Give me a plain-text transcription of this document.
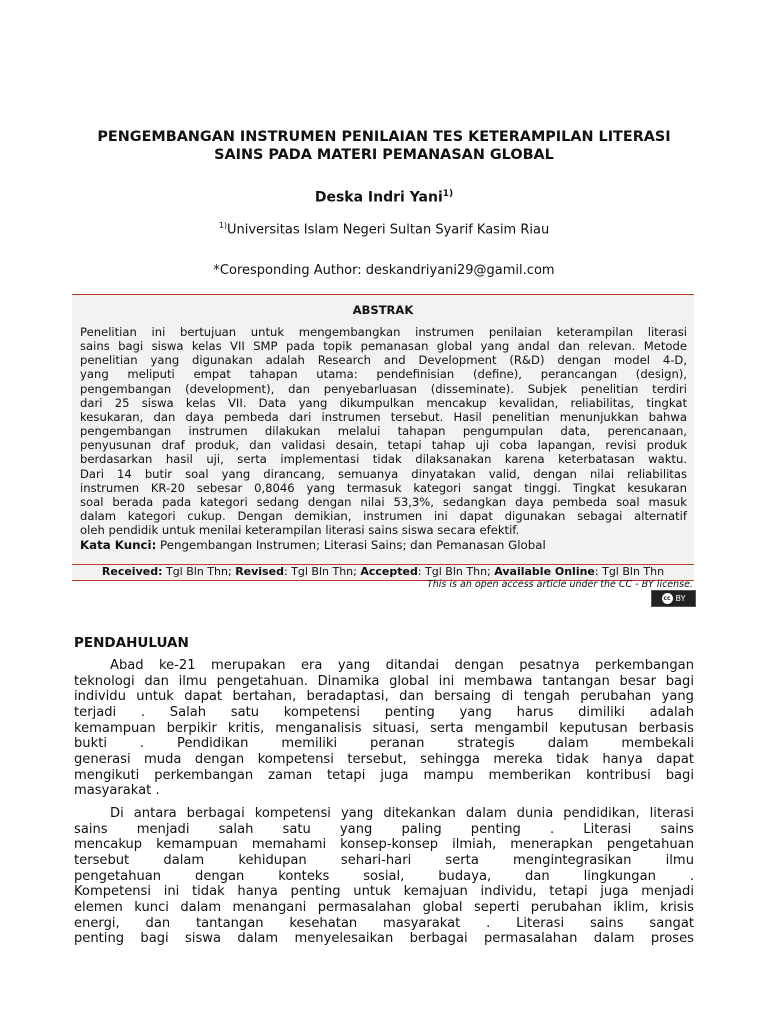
PENGEMBANGAN INSTRUMEN PENILAIAN TES KETERAMPILAN LITERASI
SAINS PADA MATERI PEMANASAN GLOBAL
Deska Indri Yani$^{1)}$
$^{1)}$Universitas Islam Negeri Sultan Syarif Kasim Riau
*Coresponding Author: deskandriyani29@gamil.com
ABSTRAK

Penelitian ini bertujuan untuk mengembangkan instrumen penilaian keterampilan literasi
sains bagi siswa kelas VII SMP pada topik pemanasan global yang andal dan relevan. Metode
penelitian yang digunakan adalah Research and Development (R&D) dengan model 4-D,
yang meliputi empat tahapan utama: pendefinisian (define), perancangan (design),
pengembangan (development), dan penyebarluasan (disseminate). Subjek penelitian terdiri
dari 25 siswa kelas VII. Data yang dikumpulkan mencakup kevalidan, reliabilitas, tingkat
kesukaran, dan daya pembeda dari instrumen tersebut. Hasil penelitian menunjukkan bahwa
pengembangan instrumen dilakukan melalui tahapan pengumpulan data, perencanaan,
penyusunan draf produk, dan validasi desain, tetapi tahap uji coba lapangan, revisi produk
berdasarkan hasil uji, serta implementasi tidak dilaksanakan karena keterbatasan waktu.
Dari 14 butir soal yang dirancang, semuanya dinyatakan valid, dengan nilai reliabilitas
instrumen KR-20 sebesar 0,8046 yang termasuk kategori sangat tinggi. Tingkat kesukaran
soal berada pada kategori sedang dengan nilai 53,3%, sedangkan daya pembeda soal masuk
dalam kategori cukup. Dengan demikian, instrumen ini dapat digunakan sebagai alternatif
oleh pendidik untuk menilai keterampilan literasi sains siswa secara efektif.

Kata Kunci: Pengembangan Instrumen; Literasi Sains; dan Pemanasan Global
Received: Tgl Bln Thn; Revised: Tgl Bln Thn; Accepted: Tgl Bln Thn; Available Online: Tgl Bln Thn
This is an open access article under the CC - BY license.
cc BY
PENDAHULUAN

Abad ke-21 merupakan era yang ditandai dengan pesatnya perkembangan
teknologi dan ilmu pengetahuan. Dinamika global ini membawa tantangan besar bagi
individu untuk dapat bertahan, beradaptasi, dan bersaing di tengah perubahan yang
terjadi . Salah satu kompetensi penting yang harus dimiliki adalah
kemampuan berpikir kritis, menganalisis situasi, serta mengambil keputusan berbasis
bukti . Pendidikan memiliki peranan strategis dalam membekali
generasi muda dengan kompetensi tersebut, sehingga mereka tidak hanya dapat
mengikuti perkembangan zaman tetapi juga mampu memberikan kontribusi bagi
masyarakat .

Di antara berbagai kompetensi yang ditekankan dalam dunia pendidikan, literasi
sains menjadi salah satu yang paling penting . Literasi sains
mencakup kemampuan memahami konsep-konsep ilmiah, menerapkan pengetahuan
tersebut dalam kehidupan sehari-hari serta mengintegrasikan ilmu
pengetahuan dengan konteks sosial, budaya, dan lingkungan .
Kompetensi ini tidak hanya penting untuk kemajuan individu, tetapi juga menjadi
elemen kunci dalam menangani permasalahan global seperti perubahan iklim, krisis
energi, dan tantangan kesehatan masyarakat . Literasi sains sangat
penting bagi siswa dalam menyelesaikan berbagai permasalahan dalam proses
